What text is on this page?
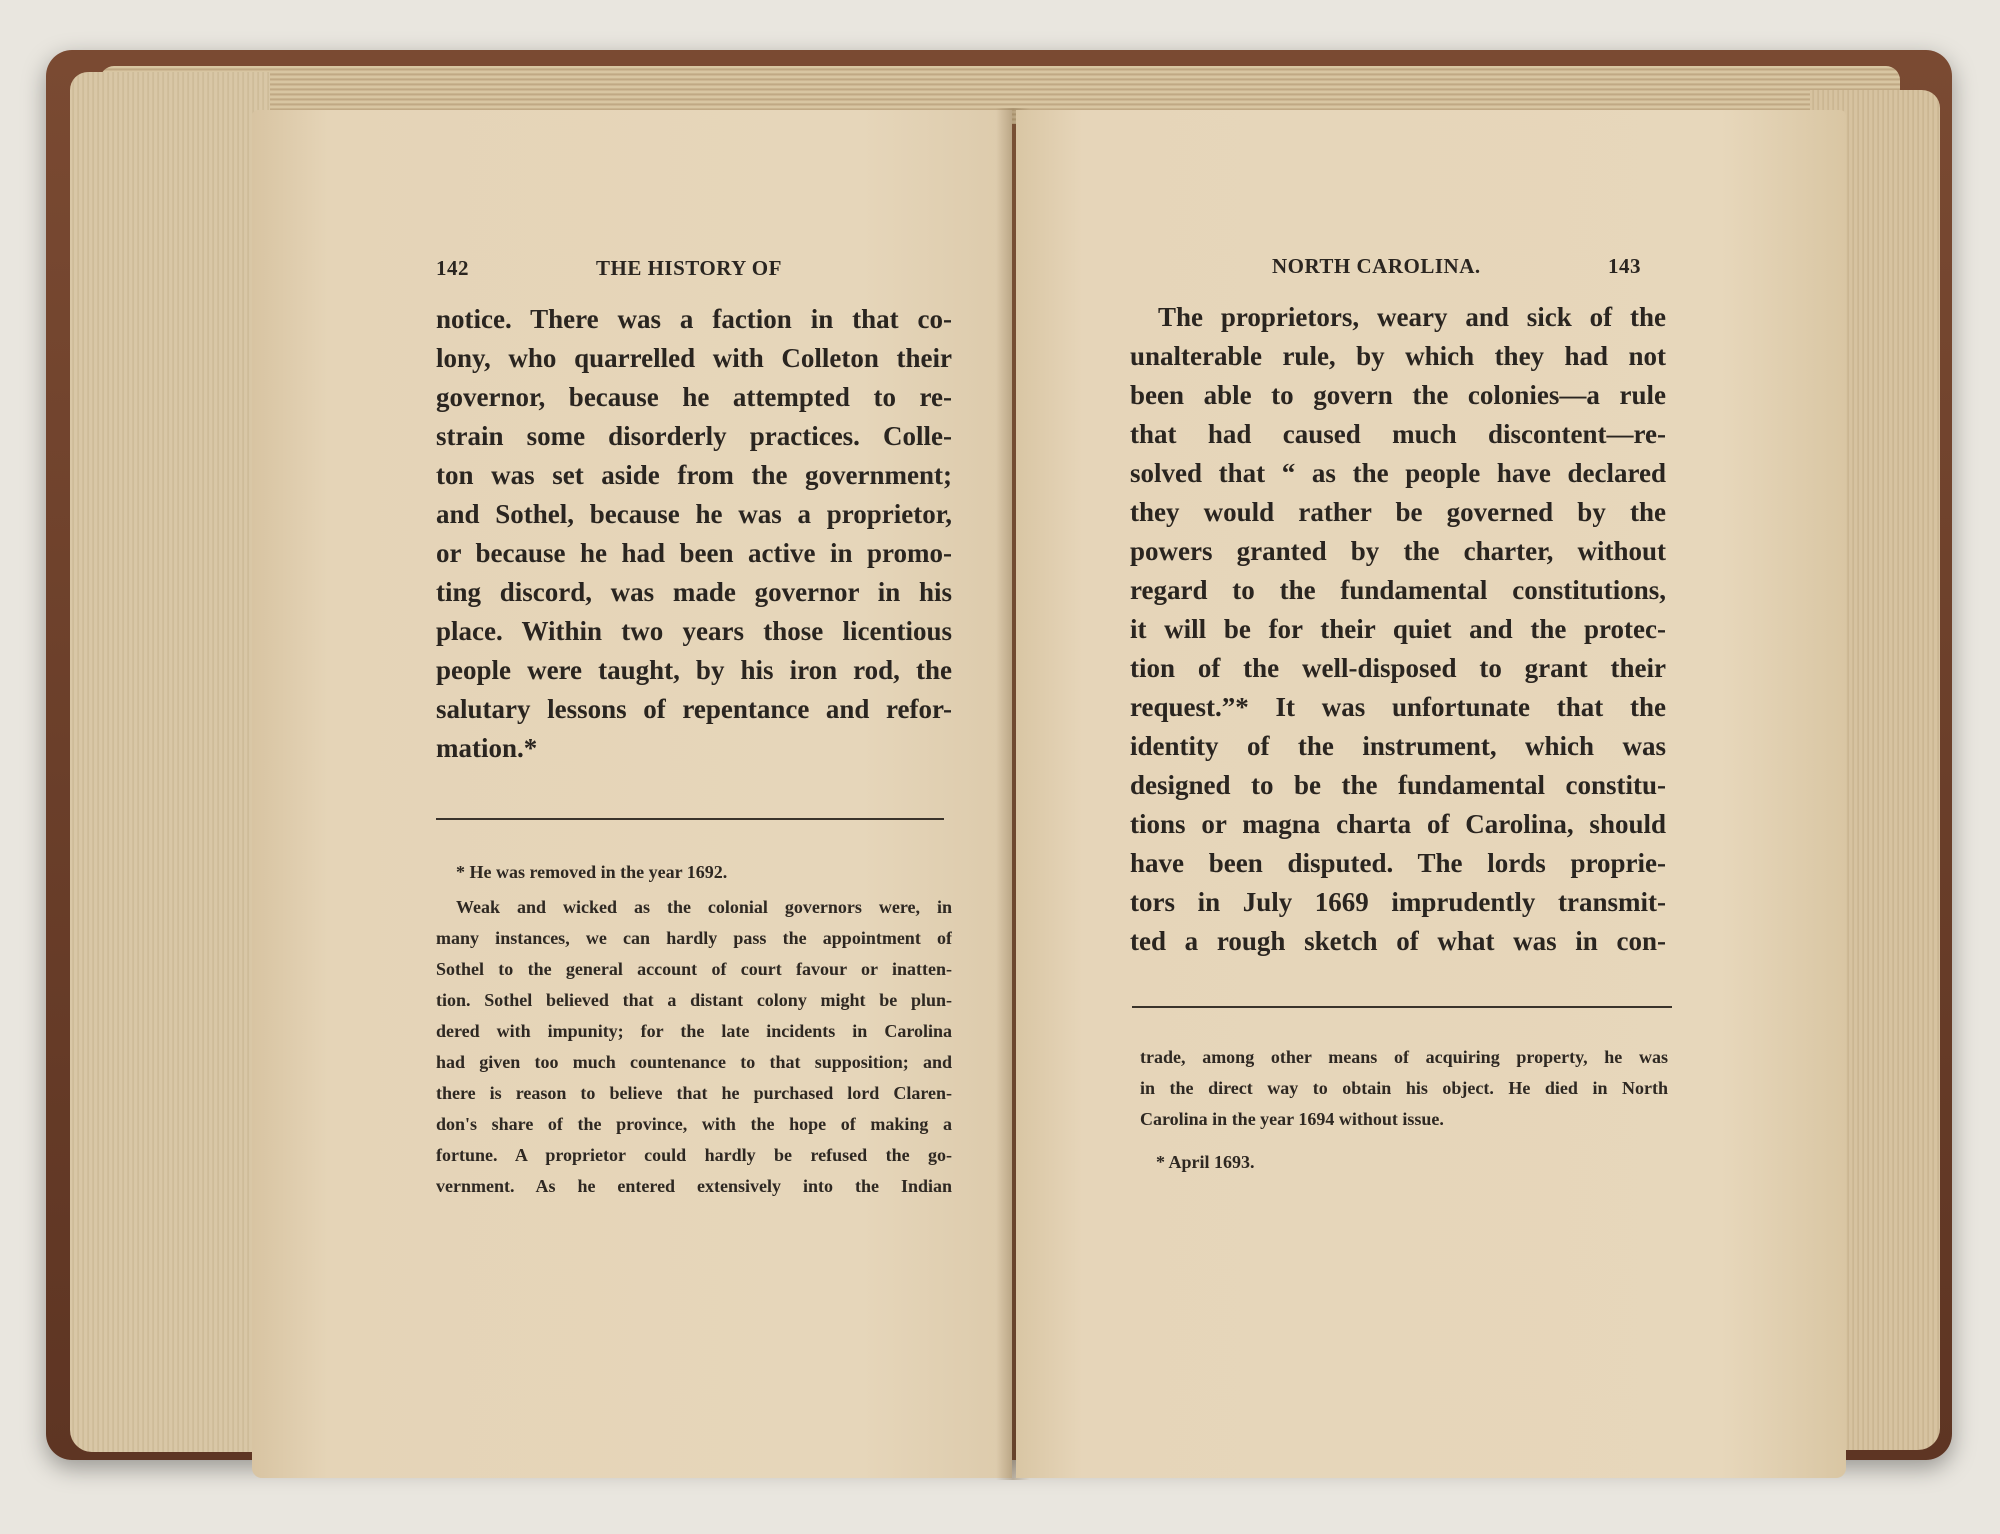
142	THE HISTORY OF
notice. There was a faction in that co-
lony, who quarrelled with Colleton their
governor, because he attempted to re-
strain some disorderly practices. Colle-
ton was set aside from the government;
and Sothel, because he was a proprietor,
or because he had been active in promo-
ting discord, was made governor in his
place. Within two years those licentious
people were taught, by his iron rod, the
salutary lessons of repentance and refor-
mation.*
* He was removed in the year 1692.
Weak and wicked as the colonial governors were, in
many instances, we can hardly pass the appointment of
Sothel to the general account of court favour or inatten-
tion. Sothel believed that a distant colony might be plun-
dered with impunity; for the late incidents in Carolina
had given too much countenance to that supposition; and
there is reason to believe that he purchased lord Claren-
don's share of the province, with the hope of making a
fortune. A proprietor could hardly be refused the go-
vernment. As he entered extensively into the Indian
NORTH CAROLINA.	143
The proprietors, weary and sick of the
unalterable rule, by which they had not
been able to govern the colonies—a rule
that had caused much discontent—re-
solved that “ as the people have declared
they would rather be governed by the
powers granted by the charter, without
regard to the fundamental constitutions,
it will be for their quiet and the protec-
tion of the well-disposed to grant their
request.”* It was unfortunate that the
identity of the instrument, which was
designed to be the fundamental constitu-
tions or magna charta of Carolina, should
have been disputed. The lords proprie-
tors in July 1669 imprudently transmit-
ted a rough sketch of what was in con-
trade, among other means of acquiring property, he was
in the direct way to obtain his object. He died in North
Carolina in the year 1694 without issue.
* April 1693.
